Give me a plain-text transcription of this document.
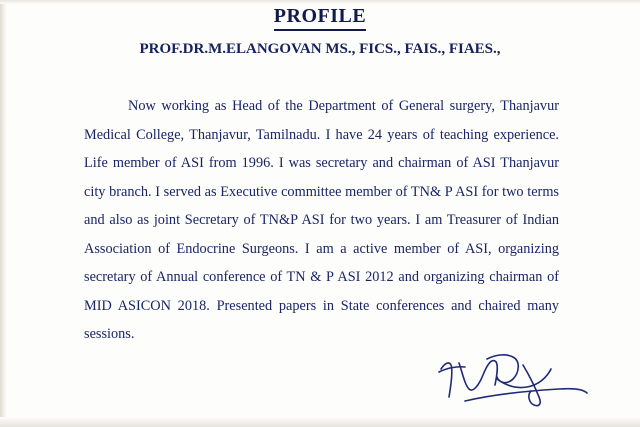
PROFILE
PROF.DR.M.ELANGOVAN MS., FICS., FAIS., FIAES.,
Now working as Head of the Department of General surgery, Thanjavur Medical College, Thanjavur, Tamilnadu. I have 24 years of teaching experience. Life member of ASI from 1996. I was secretary and chairman of ASI Thanjavur city branch. I served as Executive committee member of TN& P ASI for two terms and also as joint Secretary of TN&P ASI for two years. I am Treasurer of Indian Association of Endocrine Surgeons. I am a active member of ASI, organizing secretary of Annual conference of TN & P ASI 2012 and organizing chairman of MID ASICON 2018. Presented papers in State conferences and chaired many sessions.
